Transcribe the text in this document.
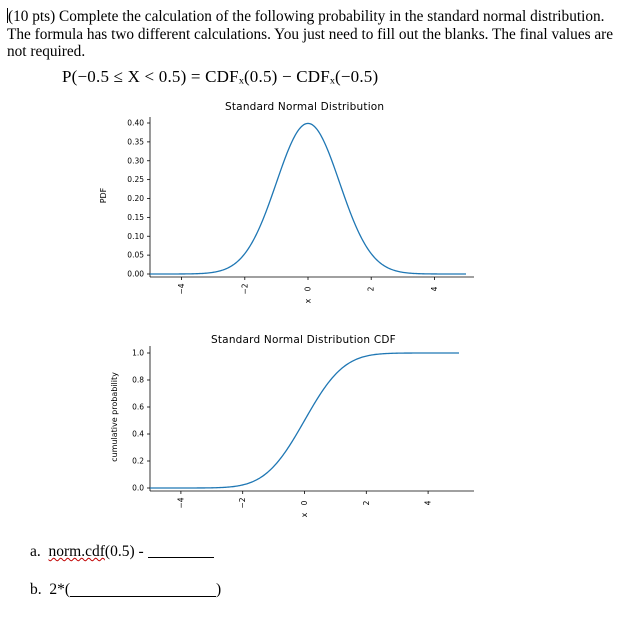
(10 pts) Complete the calculation of the following probability in the standard normal distribution. The formula has two different calculations. You just need to fill out the blanks. The final values are not required.
P(−0.5 ≤ X < 0.5) = CDFₓ(0.5) − CDFₓ(−0.5)
Standard Normal Distribution
0.00
0.05
0.10
0.15
0.20
0.25
0.30
0.35
0.40
−4	−2	0	2	4
x
PDF
Standard Normal Distribution CDF
0.0
0.2
0.4
0.6
0.8
1.0
−4	−2	0	2	4
x
cumulative probability
a. norm.cdf(0.5) -
b. 2*(	)
